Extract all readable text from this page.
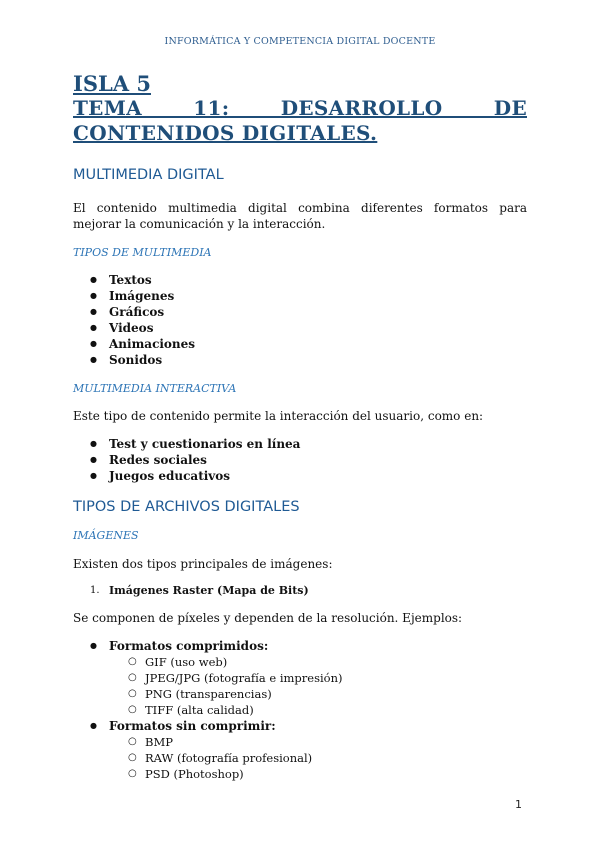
INFORMÁTICA Y COMPETENCIA DIGITAL DOCENTE
ISLA 5
TEMA 11: DESARROLLO DE CONTENIDOS DIGITALES.
MULTIMEDIA DIGITAL

El contenido multimedia digital combina diferentes formatos para mejorar la comunicación y la interacción.

TIPOS DE MULTIMEDIA
● Textos
● Imágenes
● Gráficos
● Videos
● Animaciones
● Sonidos
MULTIMEDIA INTERACTIVA

Este tipo de contenido permite la interacción del usuario, como en:

● Test y cuestionarios en línea
● Redes sociales
● Juegos educativos
TIPOS DE ARCHIVOS DIGITALES
IMÁGENES

Existen dos tipos principales de imágenes:

1. Imágenes Raster (Mapa de Bits)

Se componen de píxeles y dependen de la resolución. Ejemplos:

● Formatos comprimidos:
○ GIF (uso web)
○ JPEG/JPG (fotografía e impresión)
○ PNG (transparencias)
○ TIFF (alta calidad)
● Formatos sin comprimir:
○ BMP
○ RAW (fotografía profesional)
○ PSD (Photoshop)
1
